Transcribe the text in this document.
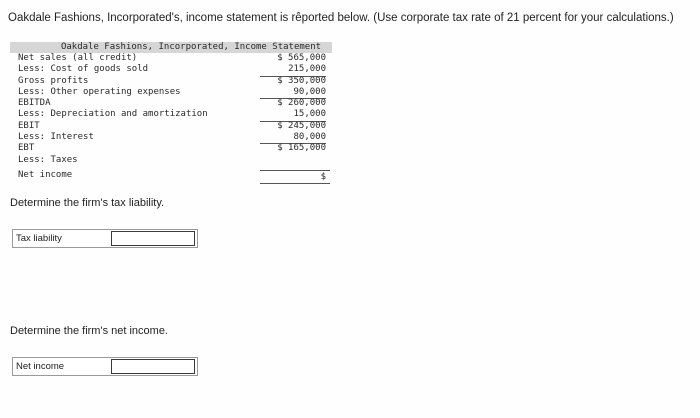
Oakdale Fashions, Incorporated's, income statement is rêported below. (Use corporate tax rate of 21 percent for your calculations.)
Oakdale Fashions, Incorporated, Income Statement
Net sales (all credit)	$ 565,000
Less: Cost of goods sold	215,000
Gross profits	$ 350,000
Less: Other operating expenses	90,000
EBITDA	$ 260,000
Less: Depreciation and amortization	15,000
EBIT	$ 245,000
Less: Interest	80,000
EBT	$ 165,000
Less: Taxes
Net income	$
Determine the firm's tax liability.
Tax liability
Determine the firm's net income.
Net income
